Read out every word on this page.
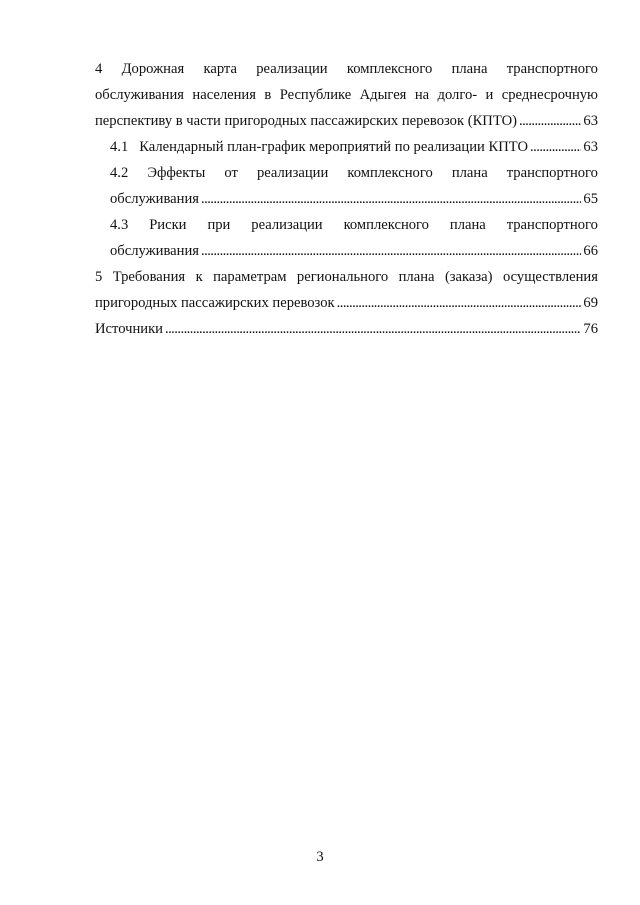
4 Дорожная карта реализации комплексного плана транспортного
обслуживания населения в Республике Адыгея на долго- и среднесрочную
перспективу в части пригородных пассажирских перевозок (КПТО) . . .	63
4.1   Календарный план-график мероприятий по реализации КПТО . . .	63
4.2 Эффекты от реализации комплексного плана транспортного
обслуживания . . .	65
4.3 Риски при реализации комплексного плана транспортного
обслуживания . . .	66
5 Требования к параметрам регионального плана (заказа) осуществления
пригородных пассажирских перевозок . . .	69
Источники . . .	76
3
